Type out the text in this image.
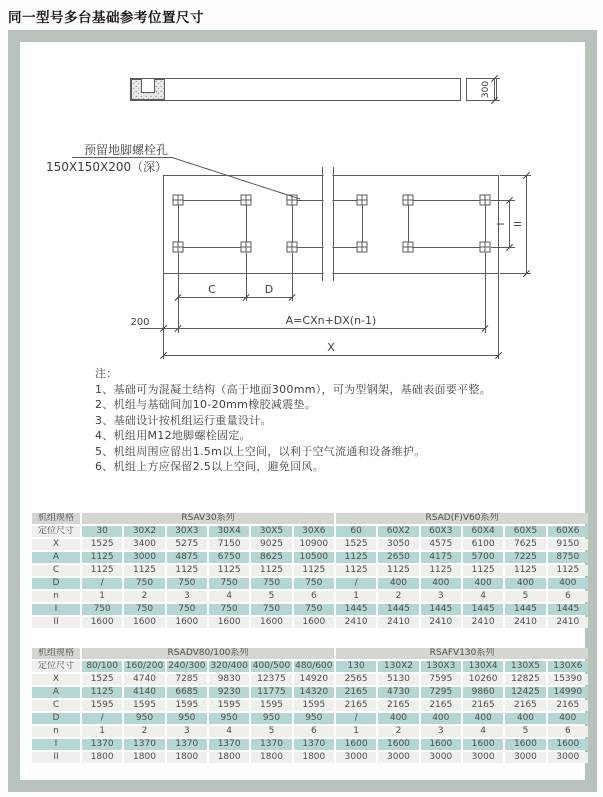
同一型号多台基础参考位置尺寸
300
预留地脚螺栓孔
150X150X200（深）
C	D
200	A=CXn+DX(n-1)
X
I II
注：
1、基础可为混凝土结构（高于地面300mm），可为型钢架，基础表面要平整。
2、机组与基础间加10-20mm橡胶减震垫。
3、基础设计按机组运行重量设计。
4、机组用M12地脚螺栓固定。
5、机组周围应留出1.5m以上空间，以利于空气流通和设备维护。
6、机组上方应保留2.5以上空间，避免回风。
机组规格	RSAV30系列						RSAD(F)V60系列					
定位尺寸	30	30X2	30X3	30X4	30X5	30X6	60	60X2	60X3	60X4	60X5	60X6
X	1525	3400	5275	7150	9025	10900	1525	3050	4575	6100	7625	9150
A	1125	3000	4875	6750	8625	10500	1125	2650	4175	5700	7225	8750
C	1125	1125	1125	1125	1125	1125	1125	1125	1125	1125	1125	1125
D	/	750	750	750	750	750	/	400	400	400	400	400
n	1	2	3	4	5	6	1	2	3	4	5	6
I	750	750	750	750	750	750	1445	1445	1445	1445	1445	1445
II	1600	1600	1600	1600	1600	1600	2410	2410	2410	2410	2410	2410
机组规格	RSADV80/100系列						RSAFV130系列					
定位尺寸	80/100	160/200	240/300	320/400	400/500	480/600	130	130X2	130X3	130X4	130X5	130X6
X	1525	4740	7285	9830	12375	14920	2565	5130	7595	10260	12825	15390
A	1125	4140	6685	9230	11775	14320	2165	4730	7295	9860	12425	14990
C	1595	1595	1595	1595	1595	1595	2165	2165	2165	2165	2165	2165
D	/	950	950	950	950	950	/	400	400	400	400	400
n	1	2	3	4	5	6	1	2	3	4	5	6
I	1370	1370	1370	1370	1370	1370	1600	1600	1600	1600	1600	1600
II	1800	1800	1800	1800	1800	1800	3000	3000	3000	3000	3000	3000
